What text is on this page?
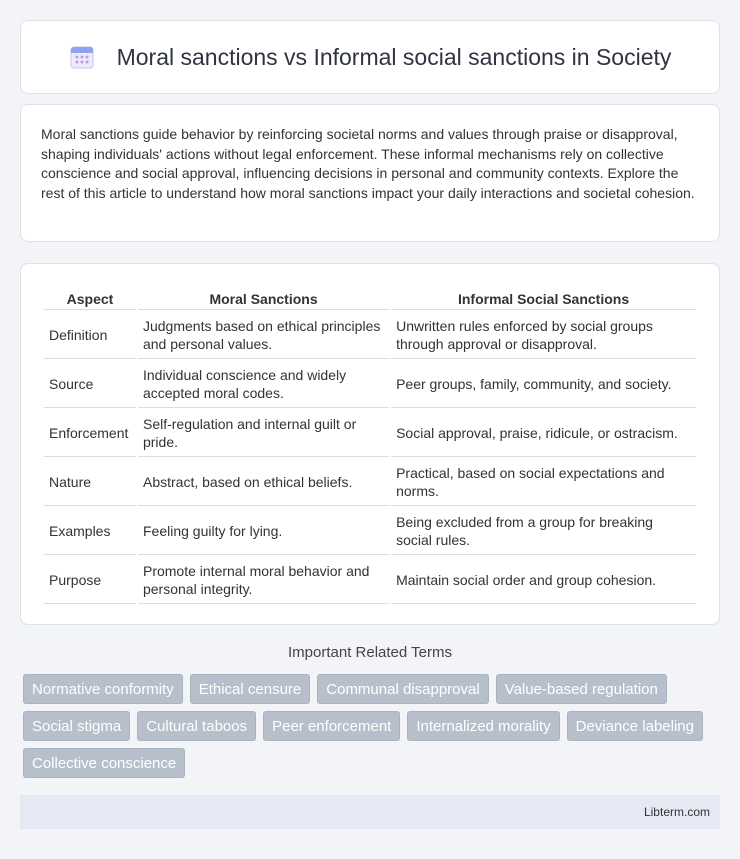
Moral sanctions vs Informal social sanctions in Society

Moral sanctions guide behavior by reinforcing societal norms and values through praise or disapproval, shaping individuals' actions without legal enforcement. These informal mechanisms rely on collective conscience and social approval, influencing decisions in personal and community contexts. Explore the rest of this article to understand how moral sanctions impact your daily interactions and societal cohesion.

Aspect	Moral Sanctions	Informal Social Sanctions
Definition	Judgments based on ethical principles and personal values.	Unwritten rules enforced by social groups through approval or disapproval.
Source	Individual conscience and widely accepted moral codes.	Peer groups, family, community, and society.
Enforcement	Self-regulation and internal guilt or pride.	Social approval, praise, ridicule, or ostracism.
Nature	Abstract, based on ethical beliefs.	Practical, based on social expectations and norms.
Examples	Feeling guilty for lying.	Being excluded from a group for breaking social rules.
Purpose	Promote internal moral behavior and personal integrity.	Maintain social order and group cohesion.
Important Related Terms
Normative conformity	Ethical censure	Communal disapproval	Value-based regulation
Social stigma	Cultural taboos	Peer enforcement	Internalized morality	Deviance labeling
Collective conscience
Libterm.com
